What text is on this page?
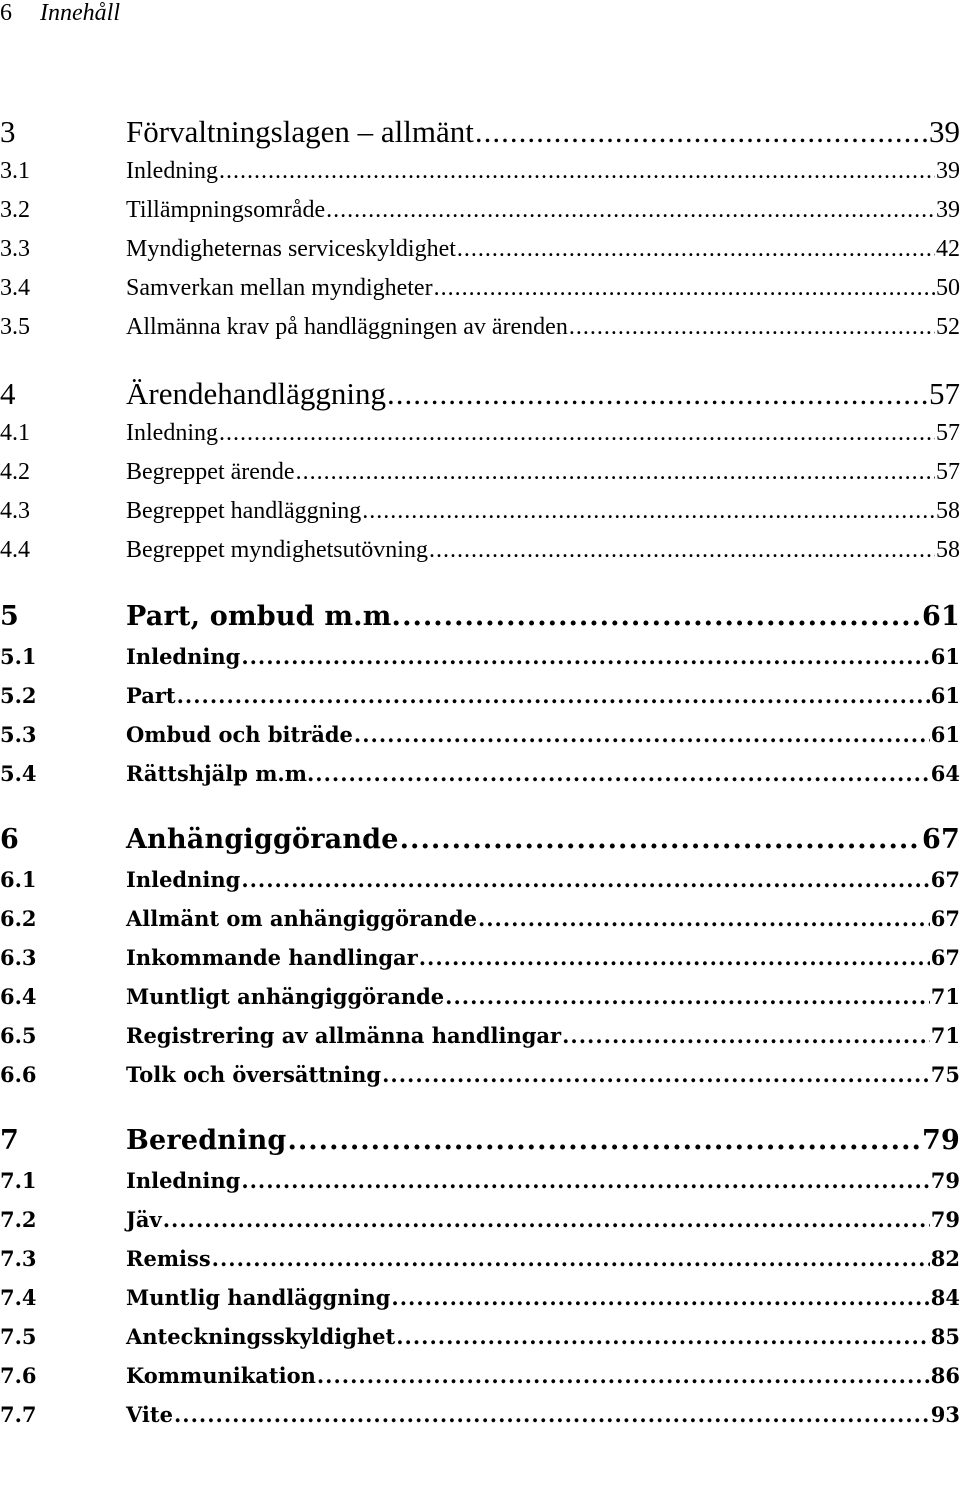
6 Innehåll
3	Förvaltningslagen – allmänt .....	39
3.1	Inledning .....	39
3.2	Tillämpningsområde .....	39
3.3	Myndigheternas serviceskyldighet .....	42
3.4	Samverkan mellan myndigheter .....	50
3.5	Allmänna krav på handläggningen av ärenden .....	52
4	Ärendehandläggning .....	57
4.1	Inledning .....	57
4.2	Begreppet ärende .....	57
4.3	Begreppet handläggning .....	58
4.4	Begreppet myndighetsutövning .....	58
5	Part, ombud m.m. .....	61
5.1	Inledning .....	61
5.2	Part .....	61
5.3	Ombud och biträde .....	61
5.4	Rättshjälp m.m. .....	64
6	Anhängiggörande .....	67
6.1	Inledning .....	67
6.2	Allmänt om anhängiggörande .....	67
6.3	Inkommande handlingar .....	67
6.4	Muntligt anhängiggörande .....	71
6.5	Registrering av allmänna handlingar .....	71
6.6	Tolk och översättning .....	75
7	Beredning .....	79
7.1	Inledning .....	79
7.2	Jäv .....	79
7.3	Remiss .....	82
7.4	Muntlig handläggning .....	84
7.5	Anteckningsskyldighet .....	85
7.6	Kommunikation .....	86
7.7	Vite .....	93
